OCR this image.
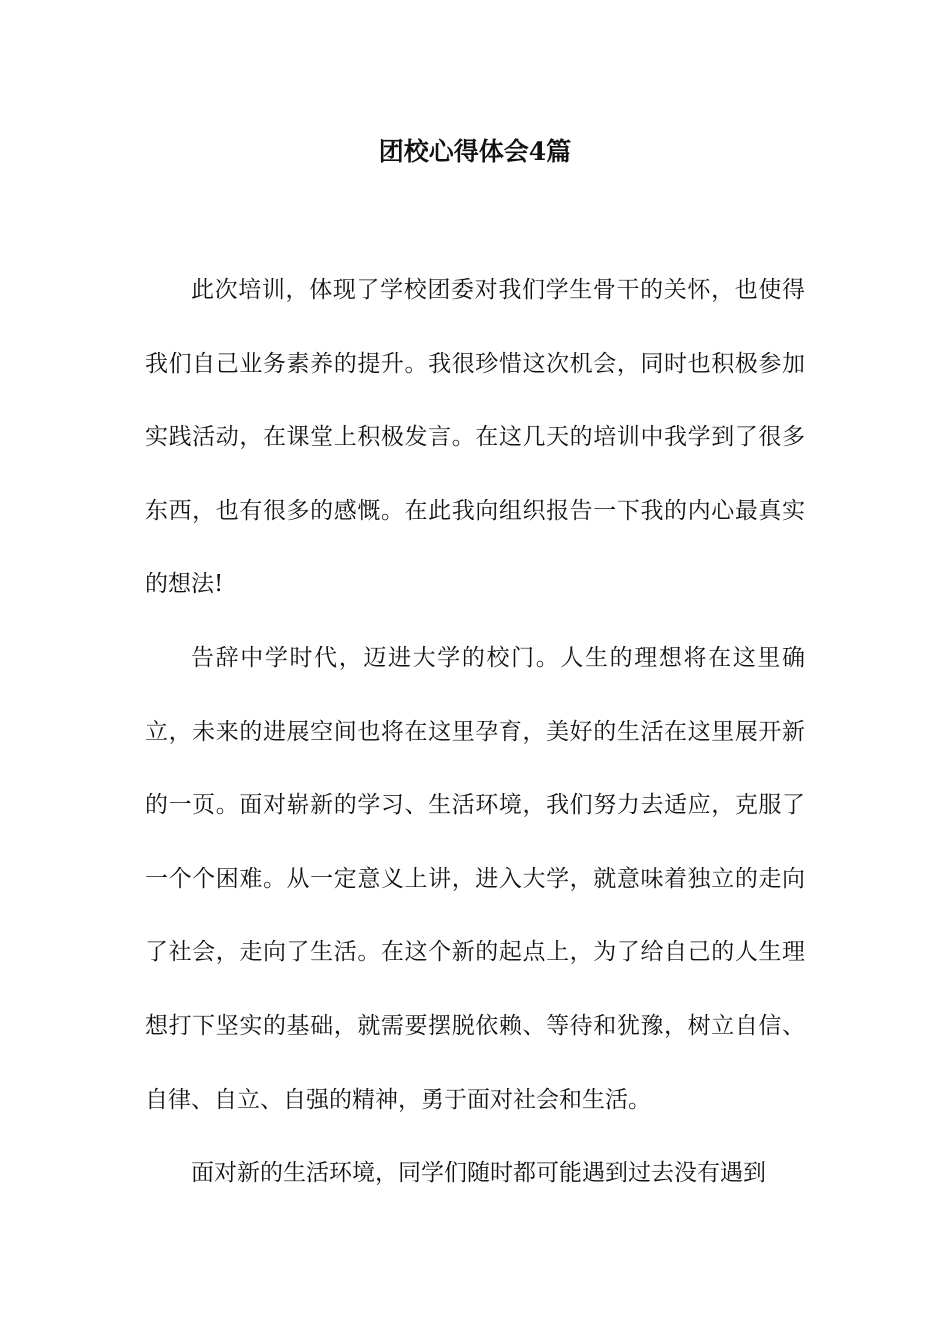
团校心得体会4篇

此次培训，体现了学校团委对我们学生骨干的关怀，也使得我们自己业务素养的提升。我很珍惜这次机会，同时也积极参加实践活动，在课堂上积极发言。在这几天的培训中我学到了很多东西，也有很多的感慨。在此我向组织报告一下我的内心最真实的想法!

告辞中学时代，迈进大学的校门。人生的理想将在这里确立，未来的进展空间也将在这里孕育，美好的生活在这里展开新的一页。面对崭新的学习、生活环境，我们努力去适应，克服了一个个困难。从一定意义上讲，进入大学，就意味着独立的走向了社会，走向了生活。在这个新的起点上，为了给自己的人生理想打下坚实的基础，就需要摆脱依赖、等待和犹豫，树立自信、自律、自立、自强的精神，勇于面对社会和生活。

面对新的生活环境，同学们随时都可能遇到过去没有遇到
